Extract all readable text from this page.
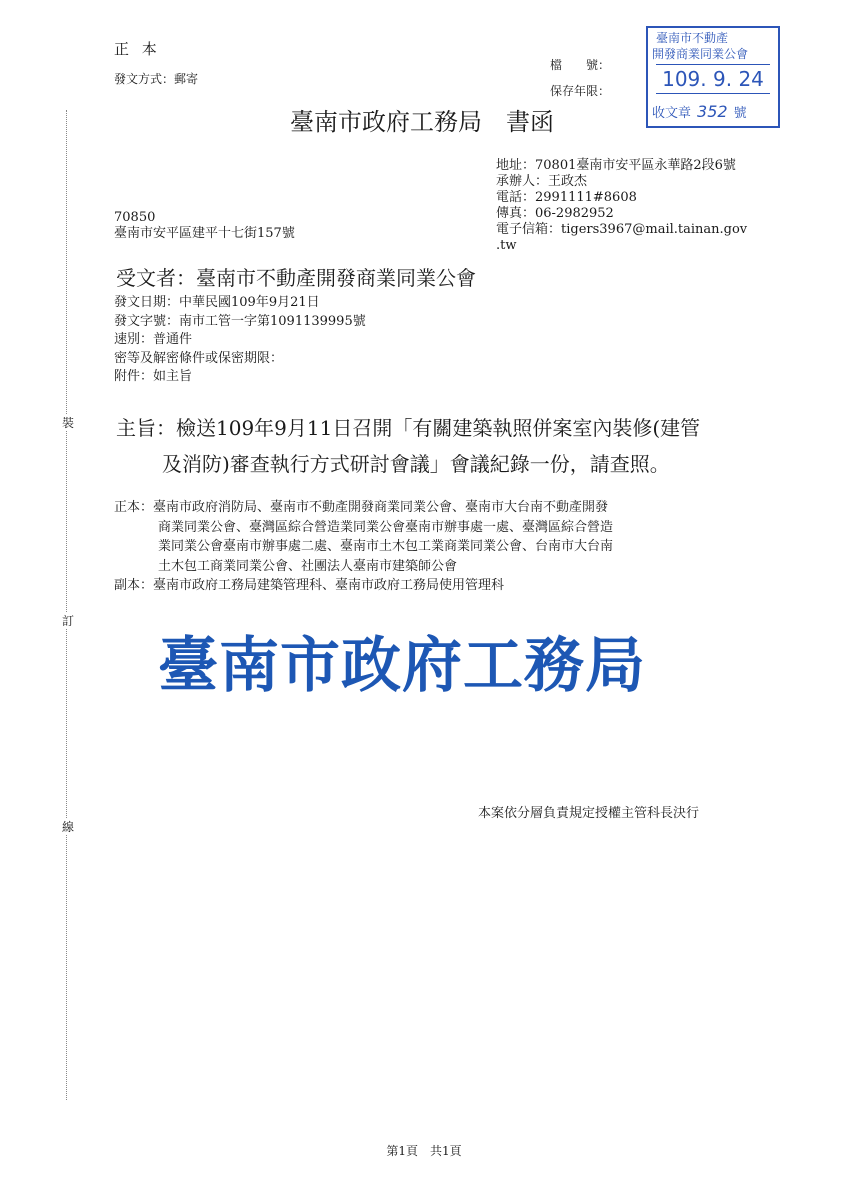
裝
訂
線
正 本
發文方式：郵寄
檔　　號：
保存年限：
臺南市政府工務局　書函
臺南市不動產
開發商業同業公會
109. 9. 24
收文章 352 號
地址：70801臺南市安平區永華路2段6號
承辦人：王政杰
電話：2991111#8608
傳真：06-2982952
電子信箱：tigers3967@mail.tainan.gov
.tw
70850
臺南市安平區建平十七街157號
受文者：臺南市不動產開發商業同業公會
發文日期：中華民國109年9月21日
發文字號：南市工管一字第1091139995號
速別：普通件
密等及解密條件或保密期限：
附件：如主旨
主旨：檢送109年9月11日召開「有關建築執照併案室內裝修(建管
及消防)審查執行方式研討會議」會議紀錄一份，請查照。
正本：臺南市政府消防局、臺南市不動產開發商業同業公會、臺南市大台南不動產開發
商業同業公會、臺灣區綜合營造業同業公會臺南市辦事處一處、臺灣區綜合營造
業同業公會臺南市辦事處二處、臺南市土木包工業商業同業公會、台南市大台南
土木包工商業同業公會、社團法人臺南市建築師公會
副本：臺南市政府工務局建築管理科、臺南市政府工務局使用管理科
臺南市政府工務局
本案依分層負責規定授權主管科長決行
第1頁　共1頁
